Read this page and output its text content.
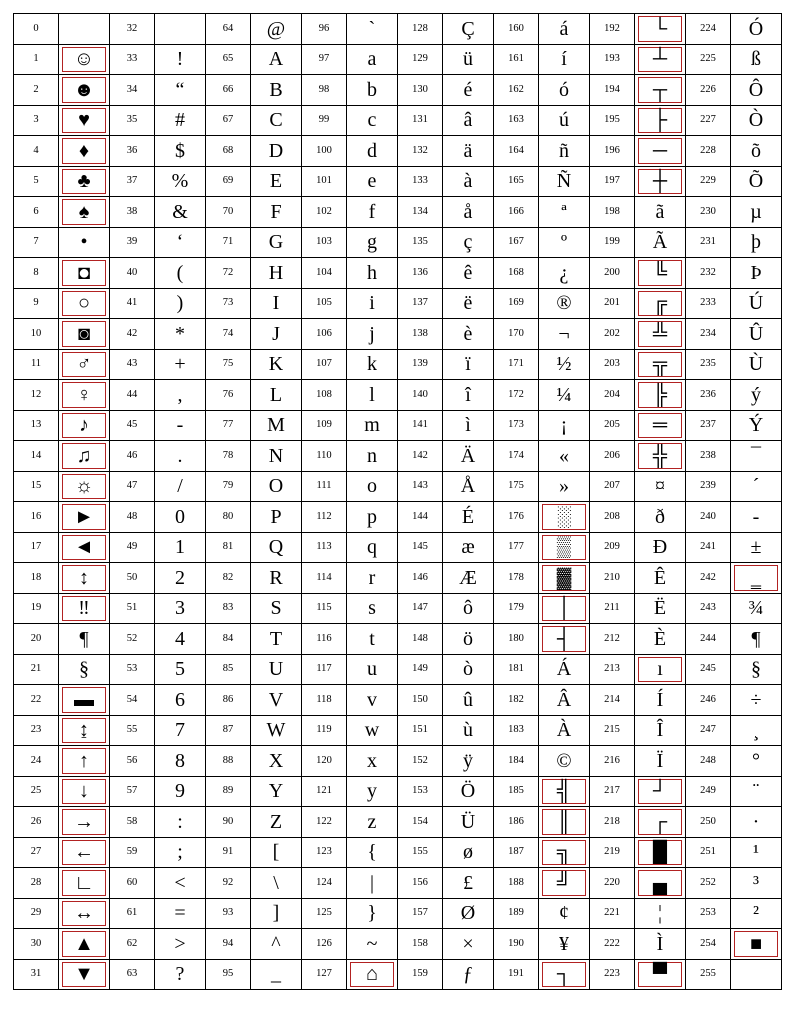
0		32		64	@	96	`	128	Ç	160	á	192	└	224	Ó
1	☺	33	!	65	A	97	a	129	ü	161	í	193	┴	225	ß
2	☻	34	“	66	B	98	b	130	é	162	ó	194	┬	226	Ô
3	♥	35	#	67	C	99	c	131	â	163	ú	195	├	227	Ò
4	♦	36	$	68	D	100	d	132	ä	164	ñ	196	─	228	õ
5	♣	37	%	69	E	101	e	133	à	165	Ñ	197	┼	229	Õ
6	♠	38	&	70	F	102	f	134	å	166	ª	198	ã	230	µ
7	•	39	‘	71	G	103	g	135	ç	167	º	199	Ã	231	þ
8	◘	40	(	72	H	104	h	136	ê	168	¿	200	╚	232	Þ
9	○	41	)	73	I	105	i	137	ë	169	®	201	╔	233	Ú
10	◙	42	*	74	J	106	j	138	è	170	¬	202	╩	234	Û
11	♂	43	+	75	K	107	k	139	ï	171	½	203	╦	235	Ù
12	♀	44	,	76	L	108	l	140	î	172	¼	204	╠	236	ý
13	♪	45	-	77	M	109	m	141	ì	173	¡	205	═	237	Ý
14	♫	46	.	78	N	110	n	142	Ä	174	«	206	╬	238	¯
15	☼	47	/	79	O	111	o	143	Å	175	»	207	¤	239	´
16	►	48	0	80	P	112	p	144	É	176	░	208	ð	240	-
17	◄	49	1	81	Q	113	q	145	æ	177	▒	209	Ð	241	±
18	↕	50	2	82	R	114	r	146	Æ	178	▓	210	Ê	242	‗
19	‼	51	3	83	S	115	s	147	ô	179	│	211	Ë	243	¾
20	¶	52	4	84	T	116	t	148	ö	180	┤	212	È	244	¶
21	§	53	5	85	U	117	u	149	ò	181	Á	213	ı	245	§
22	▬	54	6	86	V	118	v	150	û	182	Â	214	Í	246	÷
23	↨	55	7	87	W	119	w	151	ù	183	À	215	Î	247	¸
24	↑	56	8	88	X	120	x	152	ÿ	184	©	216	Ï	248	°
25	↓	57	9	89	Y	121	y	153	Ö	185	╣	217	┘	249	¨
26	→	58	:	90	Z	122	z	154	Ü	186	║	218	┌	250	·
27	←	59	;	91	[	123	{	155	ø	187	╗	219	█	251	¹
28	∟	60	<	92	\	124	|	156	£	188	╝	220	▄	252	³
29	↔	61	=	93	]	125	}	157	Ø	189	¢	221	¦	253	²
30	▲	62	>	94	^	126	~	158	×	190	¥	222	Ì	254	■
31	▼	63	?	95	_	127	⌂	159	ƒ	191	┐	223	▀	255	
